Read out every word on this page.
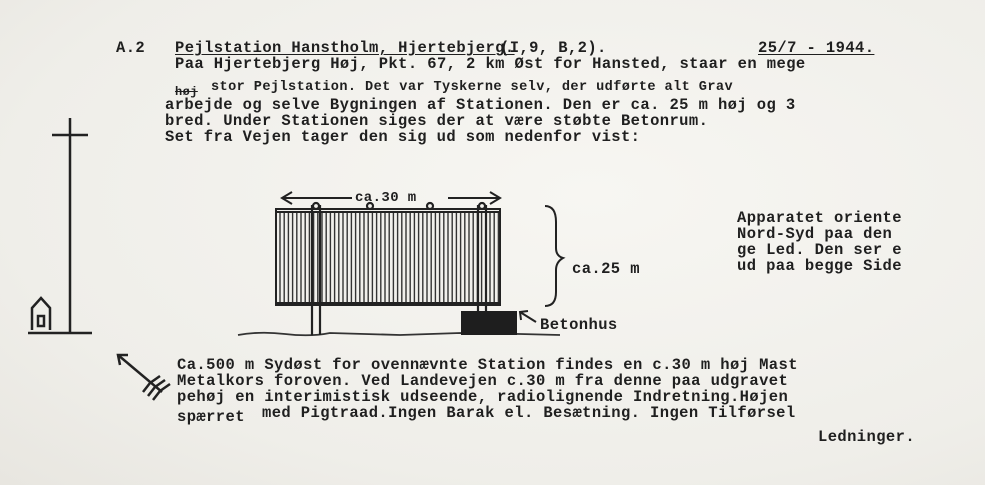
A.2 Pejlstation Hanstholm, Hjertebjerg.
(I,9, B,2).	25/7 - 1944.
Paa Hjertebjerg Høj, Pkt. 67, 2 km Øst for Hansted, staar en mege
høj stor Pejlstation. Det var Tyskerne selv, der udførte alt Grav
arbejde og selve Bygningen af Stationen. Den er ca. 25 m høj og 3
bred. Under Stationen siges der at være støbte Betonrum.
Set fra Vejen tager den sig ud som nedenfor vist:
ca.30 m
ca.25 m
Betonhus
Apparatet oriente
Nord-Syd paa den
ge Led. Den ser e
ud paa begge Side
Ca.500 m Sydøst for ovennævnte Station findes en c.30 m høj Mast
Metalkors foroven. Ved Landevejen c.30 m fra denne paa udgravet
pehøj en interimistisk udseende, radiolignende Indretning.Højen
spærret med Pigtraad.Ingen Barak el. Besætning. Ingen Tilførsel
Ledninger.
